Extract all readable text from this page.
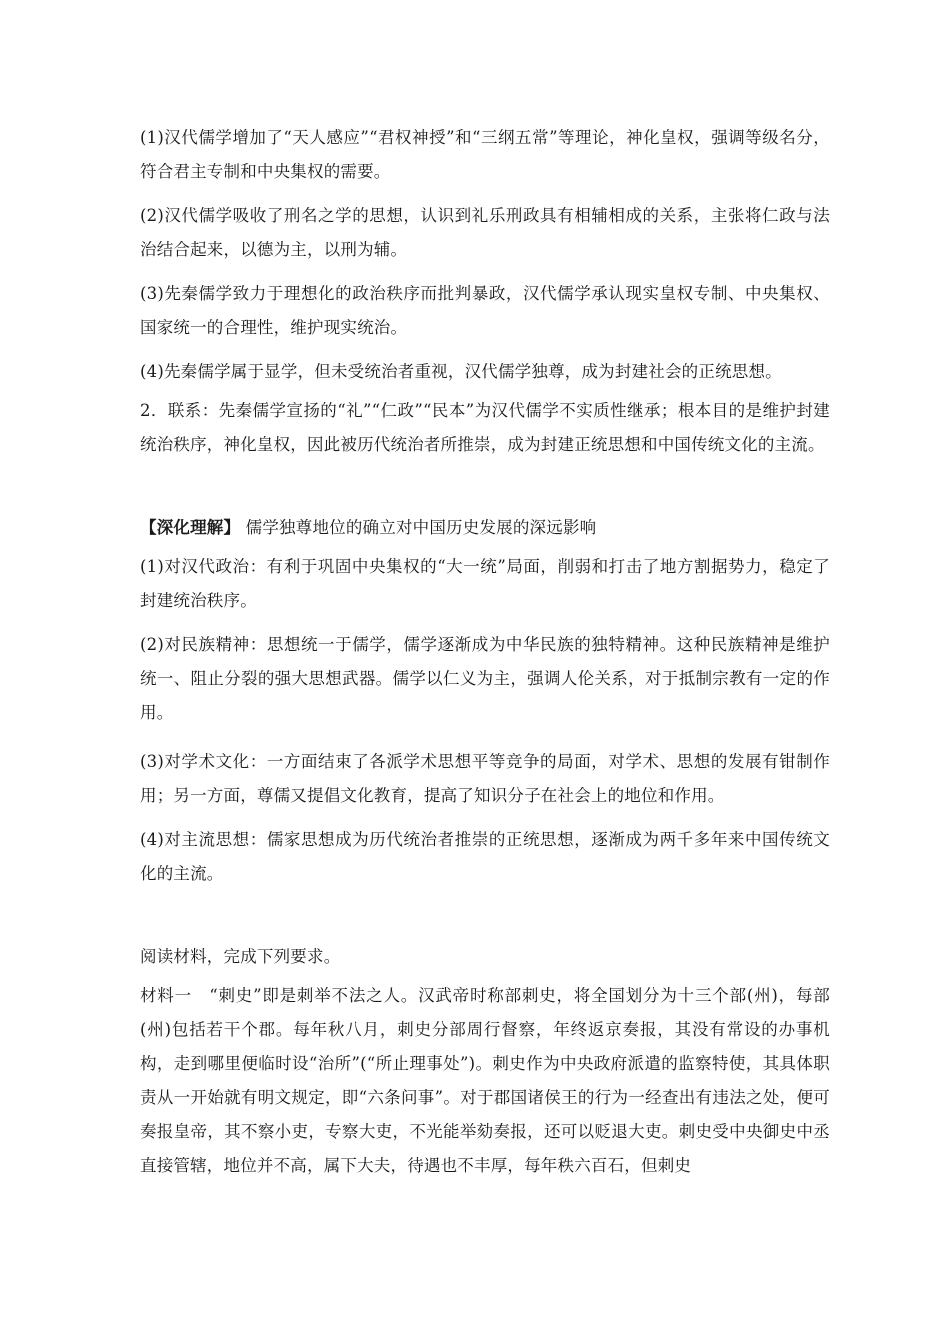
(1)汉代儒学增加了“天人感应”“君权神授”和“三纲五常”等理论，神化皇权，强调等级名分，符合君主专制和中央集权的需要。
(2)汉代儒学吸收了刑名之学的思想，认识到礼乐刑政具有相辅相成的关系，主张将仁政与法治结合起来，以德为主，以刑为辅。
(3)先秦儒学致力于理想化的政治秩序而批判暴政，汉代儒学承认现实皇权专制、中央集权、国家统一的合理性，维护现实统治。
(4)先秦儒学属于显学，但未受统治者重视，汉代儒学独尊，成为封建社会的正统思想。
2．联系：先秦儒学宣扬的“礼”“仁政”“民本”为汉代儒学不实质性继承；根本目的是维护封建统治秩序，神化皇权，因此被历代统治者所推崇，成为封建正统思想和中国传统文化的主流。
【深化理解】 儒学独尊地位的确立对中国历史发展的深远影响
(1)对汉代政治：有利于巩固中央集权的“大一统”局面，削弱和打击了地方割据势力，稳定了封建统治秩序。
(2)对民族精神：思想统一于儒学，儒学逐渐成为中华民族的独特精神。这种民族精神是维护统一、阻止分裂的强大思想武器。儒学以仁义为主，强调人伦关系，对于抵制宗教有一定的作用。
(3)对学术文化：一方面结束了各派学术思想平等竞争的局面，对学术、思想的发展有钳制作用；另一方面，尊儒又提倡文化教育，提高了知识分子在社会上的地位和作用。
(4)对主流思想：儒家思想成为历代统治者推崇的正统思想，逐渐成为两千多年来中国传统文化的主流。
阅读材料，完成下列要求。
材料一　“刺史”即是刺举不法之人。汉武帝时称部刺史，将全国划分为十三个部(州)，每部(州)包括若干个郡。每年秋八月，刺史分部周行督察，年终返京奏报，其没有常设的办事机构，走到哪里便临时设“治所”(“所止理事处”)。刺史作为中央政府派遣的监察特使，其具体职责从一开始就有明文规定，即“六条问事”。对于郡国诸侯王的行为一经查出有违法之处，便可奏报皇帝，其不察小吏，专察大吏，不光能举劾奏报，还可以贬退大吏。刺史受中央御史中丞直接管辖，地位并不高，属下大夫，待遇也不丰厚，每年秩六百石，但刺史
